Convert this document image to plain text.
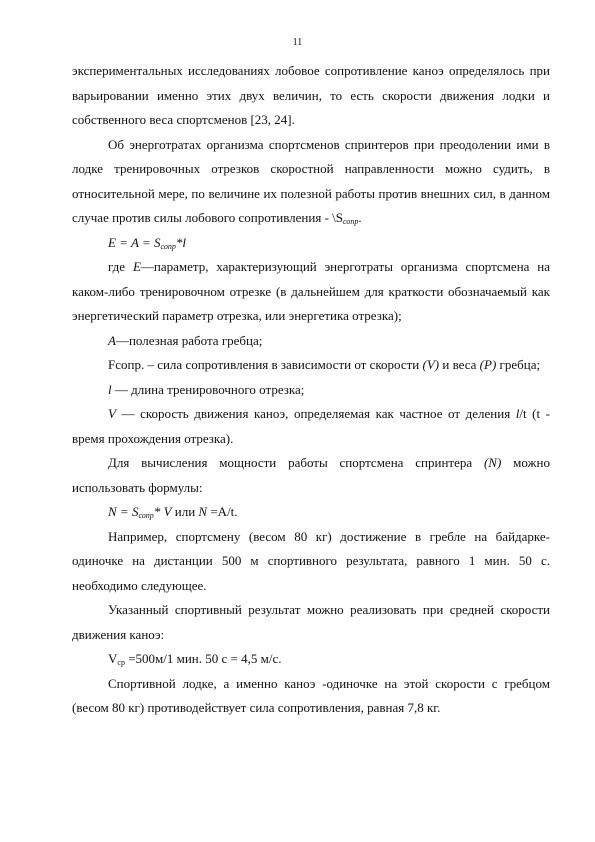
11

экспериментальных исследованиях лобовое сопротивление каноэ определялось при варьировании именно этих двух величин, то есть скорости движения лодки и собственного веса спортсменов [23, 24].

Об энерготратах организма спортсменов спринтеров при преодолении ими в лодке тренировочных отрезков скоростной направленности можно судить, в относительной мере, по величине их полезной работы против внешних сил, в данном случае против силы лобового сопротивления - $\backslash S_{сопр}$.

$E = A = S_{сопр}*l$

где E—параметр, характеризующий энерготраты организма спортсмена на каком-либо тренировочном отрезке (в дальнейшем для краткости обозначаемый как энергетический параметр отрезка, или энергетика отрезка);

A—полезная работа гребца;

Fсопр. – сила сопротивления в зависимости от скорости (V) и веса (P) гребца;

l — длина тренировочного отрезка;

V — скорость движения каноэ, определяемая как частное от деления l/t (t - время прохождения отрезка).

Для вычисления мощности работы спортсмена спринтера (N) можно использовать формулы:

$N = S_{сопр}*$ V или N =A/t.

Например, спортсмену (весом 80 кг) достижение в гребле на байдарке-одиночке на дистанции 500 м спортивного результата, равного 1 мин. 50 с. необходимо следующее.

Указанный спортивный результат можно реализовать при средней скорости движения каноэ:

$V_{ср} =500м/1$ мин. 50 с = 4,5 м/с.

Спортивной лодке, а именно каноэ -одиночке на этой скорости с гребцом (весом 80 кг) противодействует сила сопротивления, равная 7,8 кг.
